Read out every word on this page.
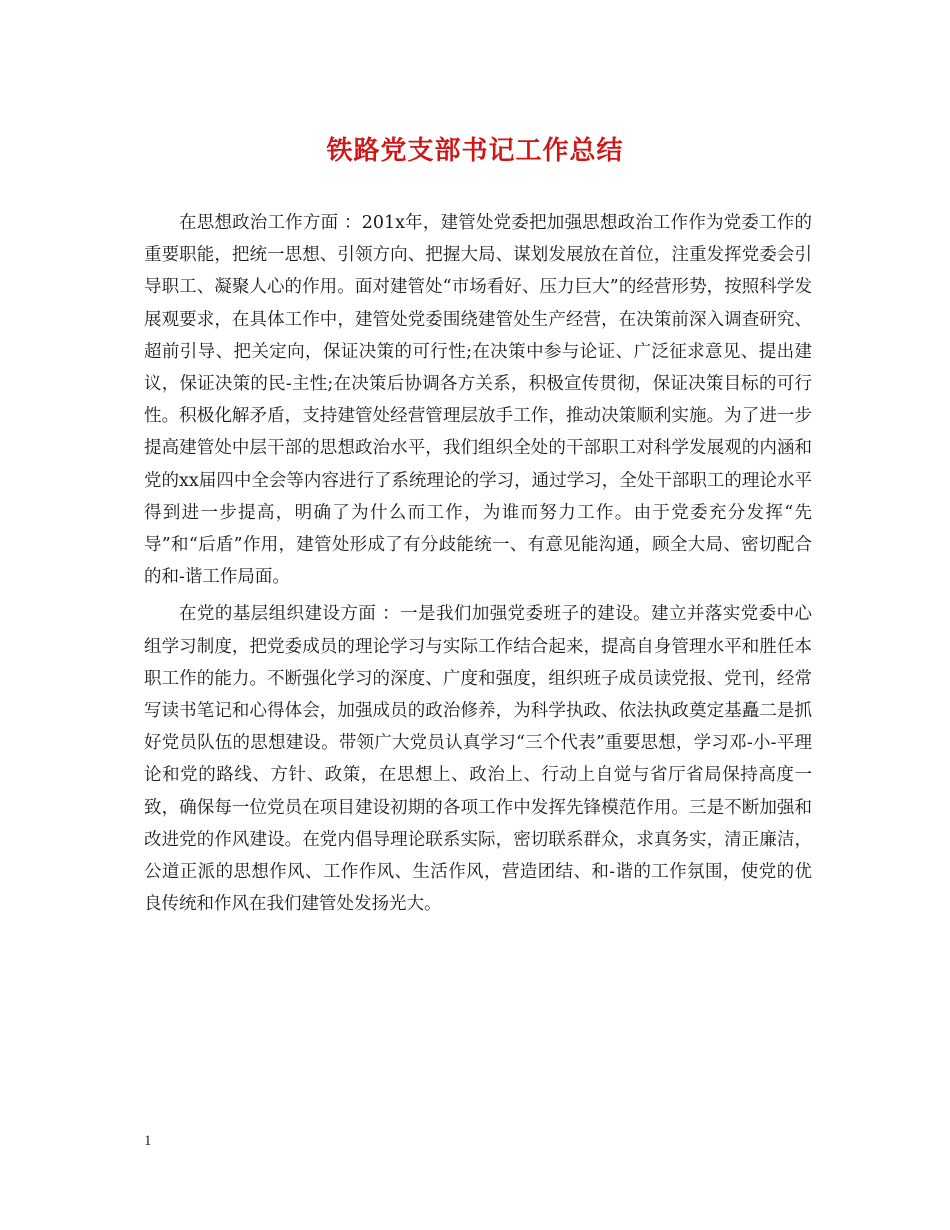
铁路党支部书记工作总结

在思想政治工作方面 ：201x年，建管处党委把加强思想政治工作作为党委工作的重要职能，把统一思想、引领方向、把握大局、谋划发展放在首位，注重发挥党委会引导职工、凝聚人心的作用。面对建管处“市场看好、压力巨大”的经营形势，按照科学发展观要求，在具体工作中，建管处党委围绕建管处生产经营，在决策前深入调查研究、超前引导、把关定向，保证决策的可行性;在决策中参与论证、广泛征求意见、提出建议，保证决策的民-主性;在决策后协调各方关系，积极宣传贯彻，保证决策目标的可行性。积极化解矛盾，支持建管处经营管理层放手工作，推动决策顺利实施。为了进一步提高建管处中层干部的思想政治水平，我们组织全处的干部职工对科学发展观的内涵和党的xx届四中全会等内容进行了系统理论的学习，通过学习，全处干部职工的理论水平得到进一步提高，明确了为什么而工作，为谁而努力工作。由于党委充分发挥“先导”和“后盾”作用，建管处形成了有分歧能统一、有意见能沟通，顾全大局、密切配合的和-谐工作局面。

在党的基层组织建设方面 ：一是我们加强党委班子的建设。建立并落实党委中心组学习制度，把党委成员的理论学习与实际工作结合起来，提高自身管理水平和胜任本职工作的能力。不断强化学习的深度、广度和强度，组织班子成员读党报、党刊，经常写读书笔记和心得体会，加强成员的政治修养，为科学执政、依法执政奠定基矗二是抓好党员队伍的思想建设。带领广大党员认真学习“三个代表”重要思想，学习邓-小-平理论和党的路线、方针、政策，在思想上、政治上、行动上自觉与省厅省局保持高度一致，确保每一位党员在项目建设初期的各项工作中发挥先锋模范作用。三是不断加强和改进党的作风建设。在党内倡导理论联系实际，密切联系群众，求真务实，清正廉洁，公道正派的思想作风、工作作风、生活作风，营造团结、和-谐的工作氛围，使党的优良传统和作风在我们建管处发扬光大。

1
